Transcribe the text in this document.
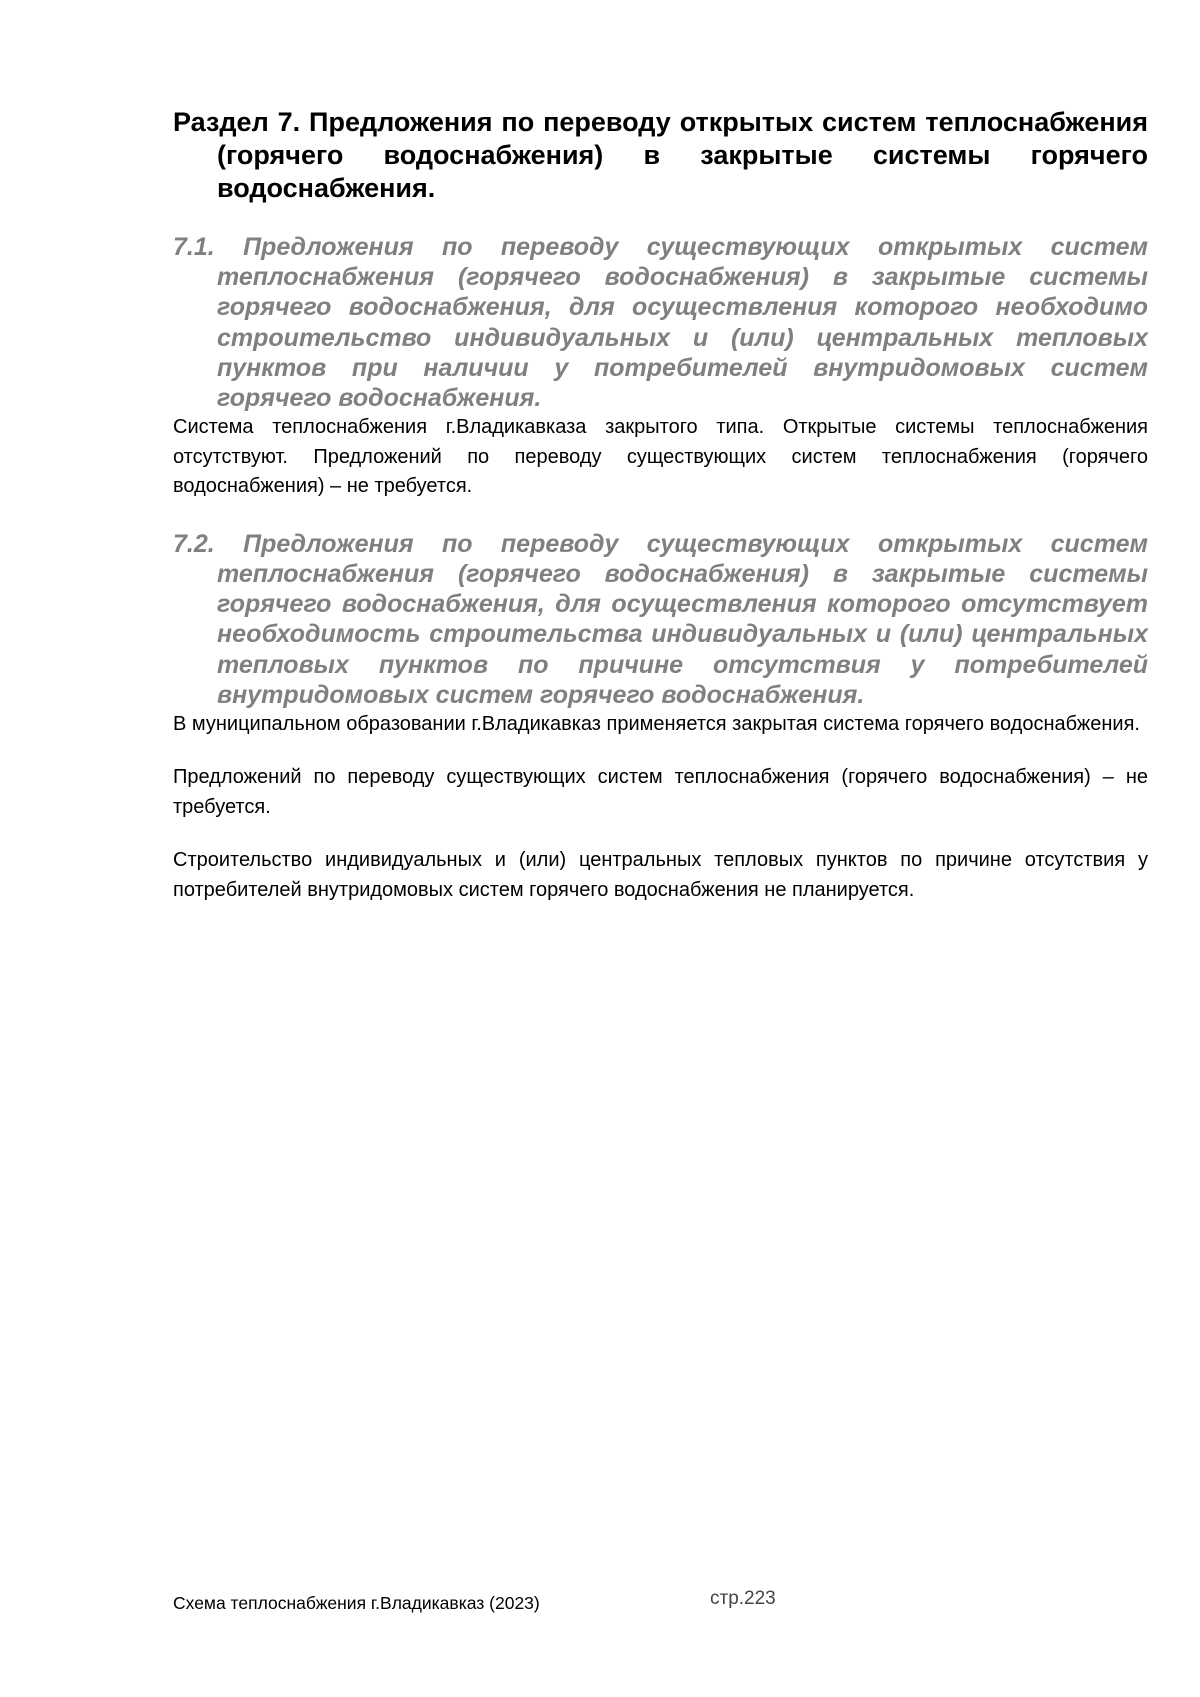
Раздел 7. Предложения по переводу открытых систем теплоснабжения (горячего водоснабжения) в закрытые системы горячего водоснабжения.
7.1. Предложения по переводу существующих открытых систем теплоснабжения (горячего водоснабжения) в закрытые системы горячего водоснабжения, для осуществления которого необходимо строительство индивидуальных и (или) центральных тепловых пунктов при наличии у потребителей внутридомовых систем горячего водоснабжения.

Система теплоснабжения г.Владикавказа закрытого типа. Открытые системы теплоснабжения отсутствуют. Предложений по переводу существующих систем теплоснабжения (горячего водоснабжения) – не требуется.

7.2. Предложения по переводу существующих открытых систем теплоснабжения (горячего водоснабжения) в закрытые системы горячего водоснабжения, для осуществления которого отсутствует необходимость строительства индивидуальных и (или) центральных тепловых пунктов по причине отсутствия у потребителей внутридомовых систем горячего водоснабжения.

В муниципальном образовании г.Владикавказ применяется закрытая система горячего водоснабжения.

Предложений по переводу существующих систем теплоснабжения (горячего водоснабжения) – не требуется.

Строительство индивидуальных и (или) центральных тепловых пунктов по причине отсутствия у потребителей внутридомовых систем горячего водоснабжения не планируется.

Схема теплоснабжения г.Владикавказ (2023)	стр.223
